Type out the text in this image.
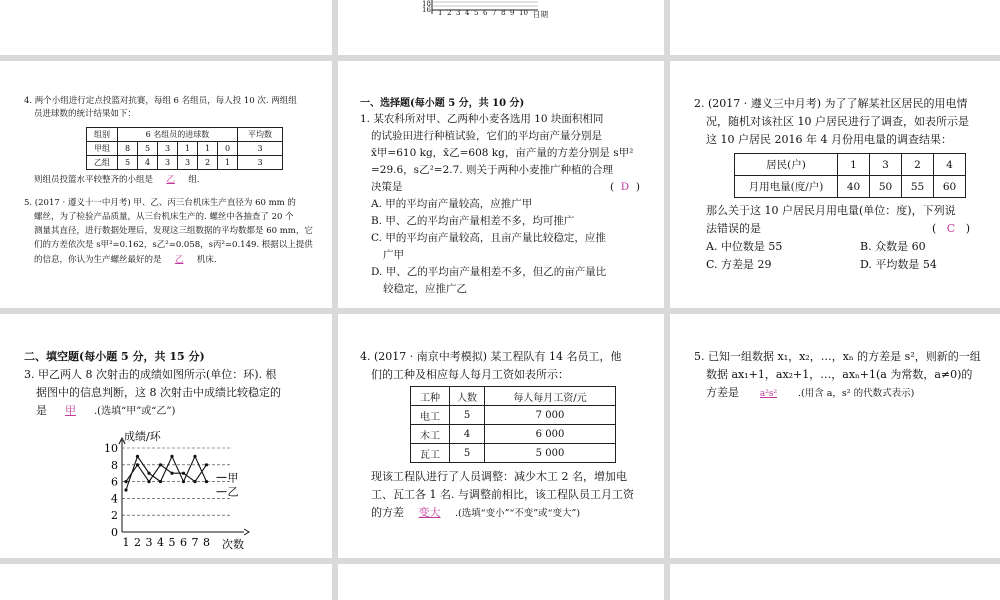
18
16 1 2 3 4 5 6 7 8 9 10 日期
4. 两个小组进行定点投篮对抗赛，每组 6 名组员，每人投 10 次. 两组组
员进球数的统计结果如下：
组别	6 名组员的进球数						平均数
甲组	8	5	3	1	1	0	3
乙组	5	4	3	3	2	1	3
则组员投篮水平较整齐的小组是 乙 组.
5. (2017 · 遵义十一中月考) 甲、乙、丙三台机床生产直径为 60 mm 的
螺丝，为了检验产品质量，从三台机床生产的. 螺丝中各抽查了 20 个
测量其直径，进行数据处理后，发现这三组数据的平均数都是 60 mm，它
们的方差依次是 s甲²=0.162，s乙²=0.058，s丙²=0.149. 根据以上提供
的信息，你认为生产螺丝最好的是 乙 机床.
一、选择题(每小题 5 分，共 10 分)
1. 某农科所对甲、乙两种小麦各选用 10 块面积相同
的试验田进行种植试验，它们的平均亩产量分别是
x̄甲=610 kg，x̄乙=608 kg，亩产量的方差分别是 s甲²
=29.6，s乙²=2.7. 则关于两种小麦推广种植的合理
决策是	(  D  )
A. 甲的平均亩产量较高，应推广甲
B. 甲、乙的平均亩产量相差不多，均可推广
C. 甲的平均亩产量较高，且亩产量比较稳定，应推
广甲
D. 甲、乙的平均亩产量相差不多，但乙的亩产量比
较稳定，应推广乙
2. (2017 · 遵义三中月考) 为了了解某社区居民的用电情
况，随机对该社区 10 户居民进行了调查，如表所示是
这 10 户居民 2016 年 4 月份用电量的调查结果：
居民(户)	1	3	2	4
月用电量(度/户)	40	50	55	60
那么关于这 10 户居民月用电量(单位：度)，下列说
法错误的是	(   C   )
A. 中位数是 55	B. 众数是 60
C. 方差是 29	D. 平均数是 54
二、填空题(每小题 5 分，共 15 分)
3. 甲乙两人 8 次射击的成绩如图所示(单位：环). 根
据图中的信息判断，这 8 次射击中成绩比较稳定的
是 甲 .(选填“甲”或“乙”)
0
2
4
6
8
10
1 2 3 4 5 6 7 8
成绩/环
次数
甲
乙
4. (2017 · 南京中考模拟) 某工程队有 14 名员工，他
们的工种及相应每人每月工资如表所示：
工种	人数	每人每月工资/元
电工	5	7 000
木工	4	6 000
瓦工	5	5 000
现该工程队进行了人员调整：减少木工 2 名，增加电
工、瓦工各 1 名. 与调整前相比，该工程队员工月工资
的方差 变大 .(选填“变小”“不变”或“变大”)
5. 已知一组数据 x₁，x₂，…，xₙ 的方差是 s²，则新的一组
数据 ax₁+1，ax₂+1，…，axₙ+1(a 为常数，a≠0)的
方差是 a²s² .(用含 a，s² 的代数式表示)
